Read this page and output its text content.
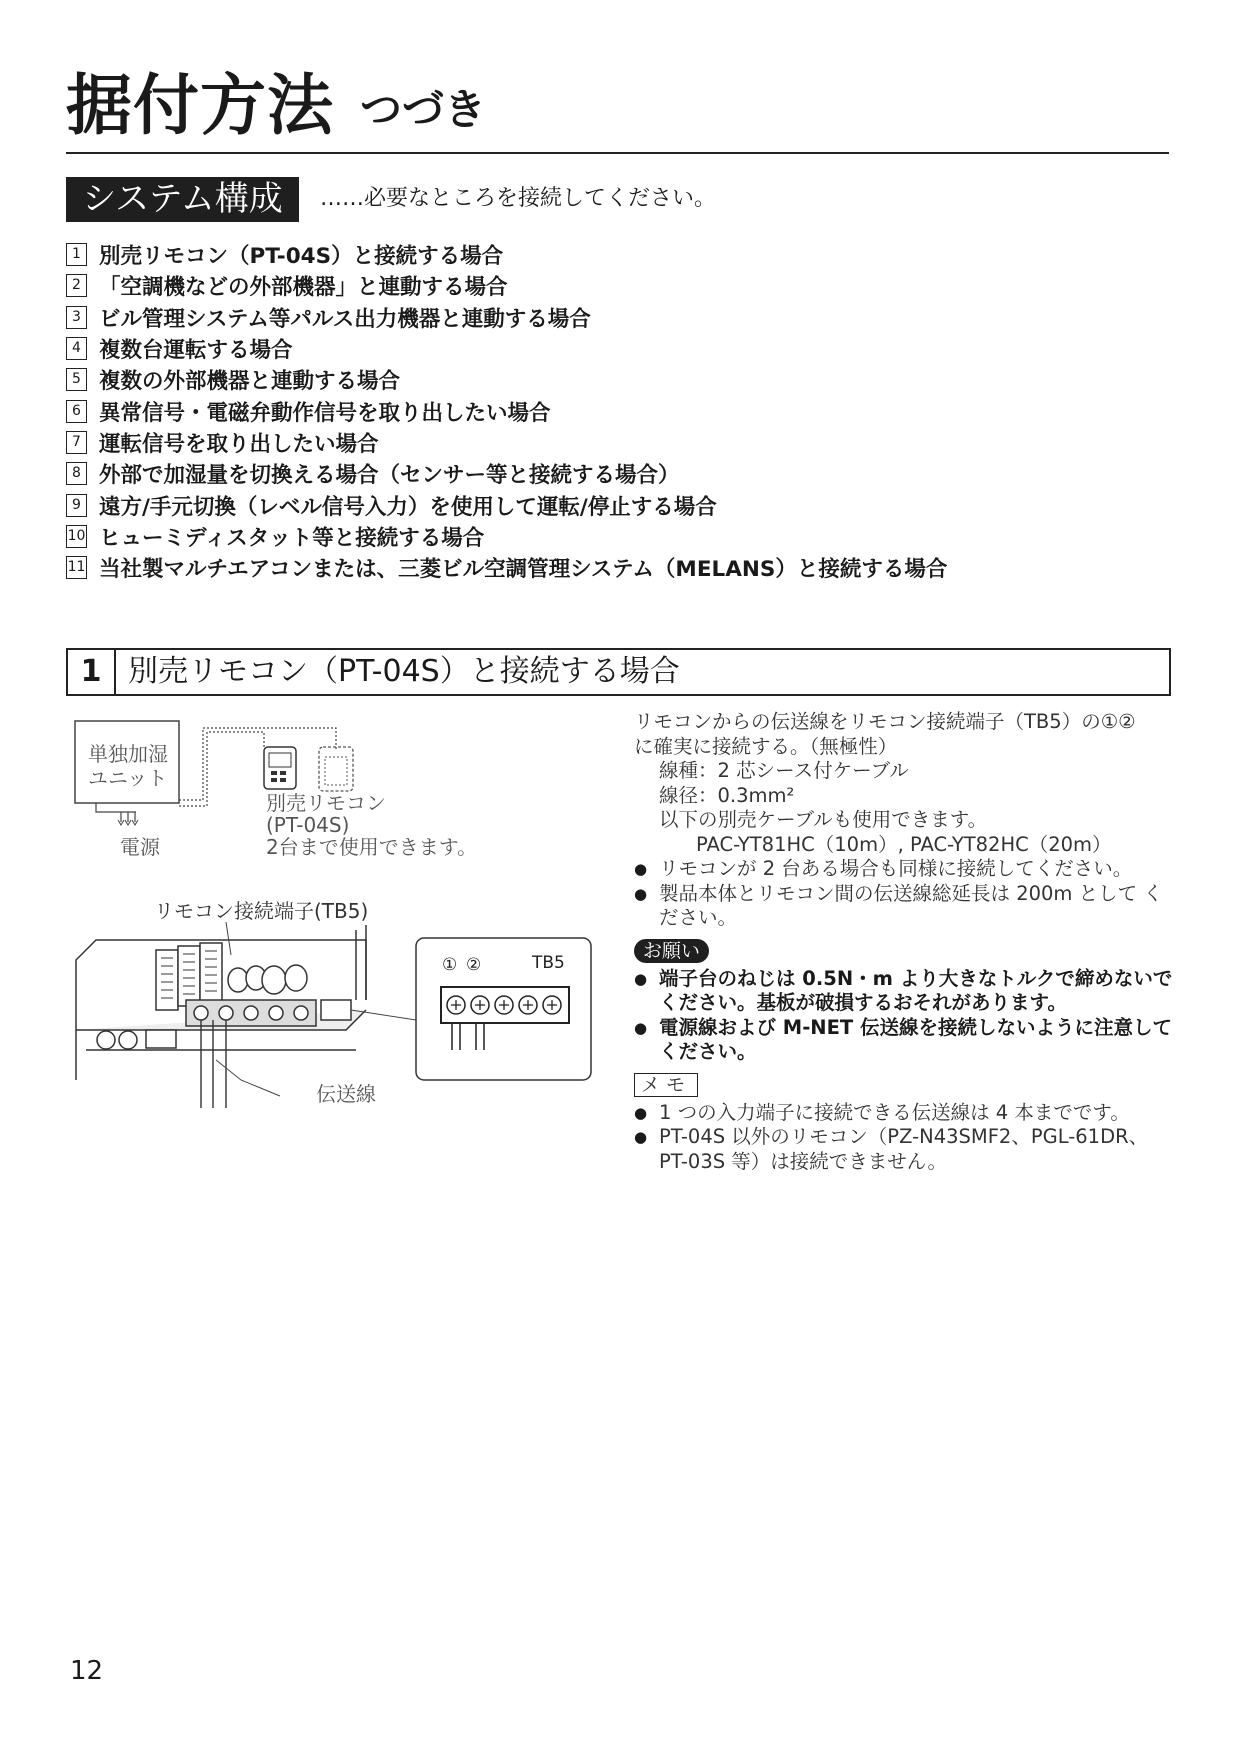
据付方法 つづき
システム構成	……必要なところを接続してください。
1 別売リモコン（PT-04S）と接続する場合
2 「空調機などの外部機器」と連動する場合
3 ビル管理システム等パルス出力機器と連動する場合
4 複数台運転する場合
5 複数の外部機器と連動する場合
6 異常信号・電磁弁動作信号を取り出したい場合
7 運転信号を取り出したい場合
8 外部で加湿量を切換える場合（センサー等と接続する場合）
9 遠方/手元切換（レベル信号入力）を使用して運転/停止する場合
10 ヒューミディスタット等と接続する場合
11 当社製マルチエアコンまたは、三菱ビル空調管理システム（MELANS）と接続する場合
1 別売リモコン（PT-04S）と接続する場合
単独加湿
ユニット
電源
別売リモコン
(PT-04S)
2台まで使用できます。
リモコン接続端子(TB5)
① ②	TB5
伝送線

リモコンからの伝送線をリモコン接続端子（TB5）の①②

に確実に接続する。（無極性）

線種：2 芯シース付ケーブル

線径：0.3mm²

以下の別売ケーブルも使用できます。

PAC-YT81HC（10m）, PAC-YT82HC（20m）

● リモコンが 2 台ある場合も同様に接続してください。

● 製品本体とリモコン間の伝送線総延長は 200m として ください。

お願い

● 端子台のねじは 0.5N・m より大きなトルクで締めないでください。基板が破損するおそれがあります。

● 電源線および M-NET 伝送線を接続しないように注意してください。

メ モ

● 1 つの入力端子に接続できる伝送線は 4 本までです。

● PT-04S 以外のリモコン（PZ-N43SMF2、PGL-61DR、PT-03S 等）は接続できません。

12
